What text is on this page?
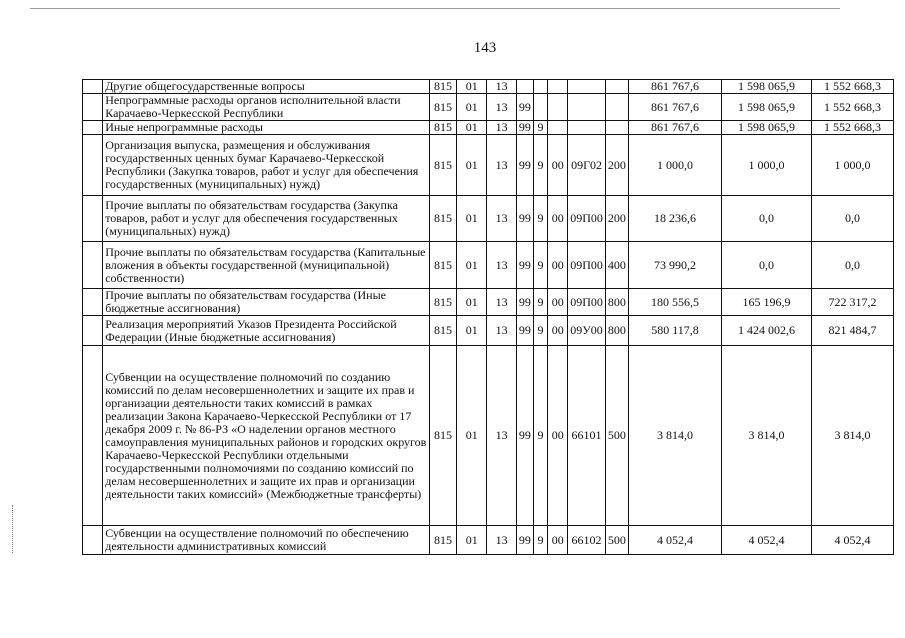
143
	Другие общегосударственные вопросы	815	01	13						861 767,6	1 598 065,9	1 552 668,3
	Непрограммные расходы органов исполнительной власти Карачаево-Черкесской Республики	815	01	13	99					861 767,6	1 598 065,9	1 552 668,3
	Иные непрограммные расходы	815	01	13	99	9				861 767,6	1 598 065,9	1 552 668,3
	Организация выпуска, размещения и обслуживания государственных ценных бумаг Карачаево-Черкесской Республики (Закупка товаров, работ и услуг для обеспечения государственных (муниципальных) нужд)	815	01	13	99	9	00	09Г02	200	1 000,0	1 000,0	1 000,0
	Прочие выплаты по обязательствам государства (Закупка товаров, работ и услуг для обеспечения государственных (муниципальных) нужд)	815	01	13	99	9	00	09П00	200	18 236,6	0,0	0,0
	Прочие выплаты по обязательствам государства (Капитальные вложения в объекты государственной (муниципальной) собственности)	815	01	13	99	9	00	09П00	400	73 990,2	0,0	0,0
	Прочие выплаты по обязательствам государства (Иные бюджетные ассигнования)	815	01	13	99	9	00	09П00	800	180 556,5	165 196,9	722 317,2
	Реализация мероприятий Указов Президента Российской Федерации (Иные бюджетные ассигнования)	815	01	13	99	9	00	09У00	800	580 117,8	1 424 002,6	821 484,7
	Субвенции на осуществление полномочий по созданию комиссий по делам несовершеннолетних и защите их прав и организации деятельности таких комиссий в рамках реализации Закона Карачаево-Черкесской Республики от 17 декабря 2009 г. № 86-РЗ «О наделении органов местного самоуправления муниципальных районов и городских округов Карачаево-Черкесской Республики отдельными государственными полномочиями по созданию комиссий по делам несовершеннолетних и защите их прав и организации деятельности таких комиссий» (Межбюджетные трансферты)	815	01	13	99	9	00	66101	500	3 814,0	3 814,0	3 814,0
	Субвенции на осуществление полномочий по обеспечению деятельности административных комиссий	815	01	13	99	9	00	66102	500	4 052,4	4 052,4	4 052,4
